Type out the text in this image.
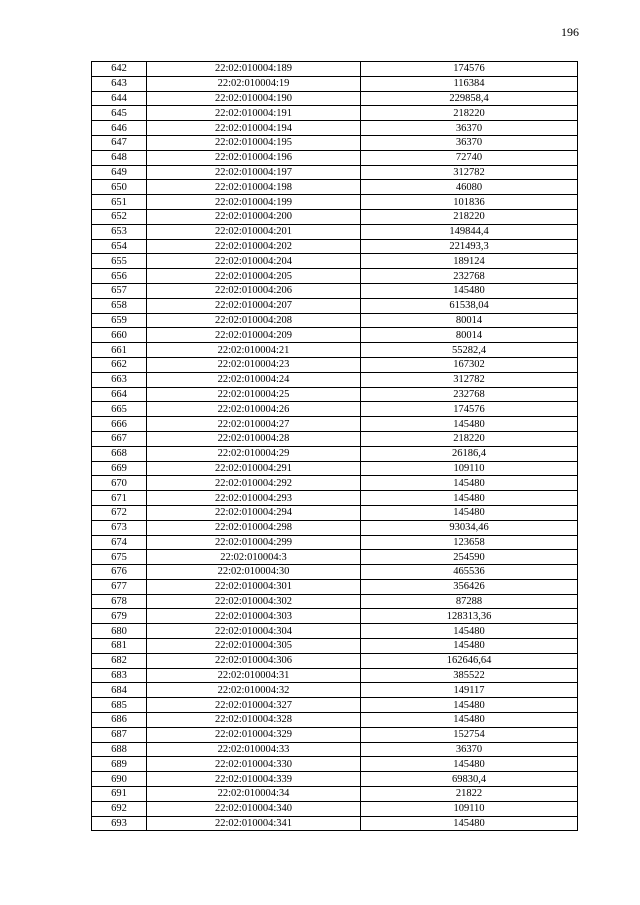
196
642	22:02:010004:189	174576
643	22:02:010004:19	116384
644	22:02:010004:190	229858,4
645	22:02:010004:191	218220
646	22:02:010004:194	36370
647	22:02:010004:195	36370
648	22:02:010004:196	72740
649	22:02:010004:197	312782
650	22:02:010004:198	46080
651	22:02:010004:199	101836
652	22:02:010004:200	218220
653	22:02:010004:201	149844,4
654	22:02:010004:202	221493,3
655	22:02:010004:204	189124
656	22:02:010004:205	232768
657	22:02:010004:206	145480
658	22:02:010004:207	61538,04
659	22:02:010004:208	80014
660	22:02:010004:209	80014
661	22:02:010004:21	55282,4
662	22:02:010004:23	167302
663	22:02:010004:24	312782
664	22:02:010004:25	232768
665	22:02:010004:26	174576
666	22:02:010004:27	145480
667	22:02:010004:28	218220
668	22:02:010004:29	26186,4
669	22:02:010004:291	109110
670	22:02:010004:292	145480
671	22:02:010004:293	145480
672	22:02:010004:294	145480
673	22:02:010004:298	93034,46
674	22:02:010004:299	123658
675	22:02:010004:3	254590
676	22:02:010004:30	465536
677	22:02:010004:301	356426
678	22:02:010004:302	87288
679	22:02:010004:303	128313,36
680	22:02:010004:304	145480
681	22:02:010004:305	145480
682	22:02:010004:306	162646,64
683	22:02:010004:31	385522
684	22:02:010004:32	149117
685	22:02:010004:327	145480
686	22:02:010004:328	145480
687	22:02:010004:329	152754
688	22:02:010004:33	36370
689	22:02:010004:330	145480
690	22:02:010004:339	69830,4
691	22:02:010004:34	21822
692	22:02:010004:340	109110
693	22:02:010004:341	145480
